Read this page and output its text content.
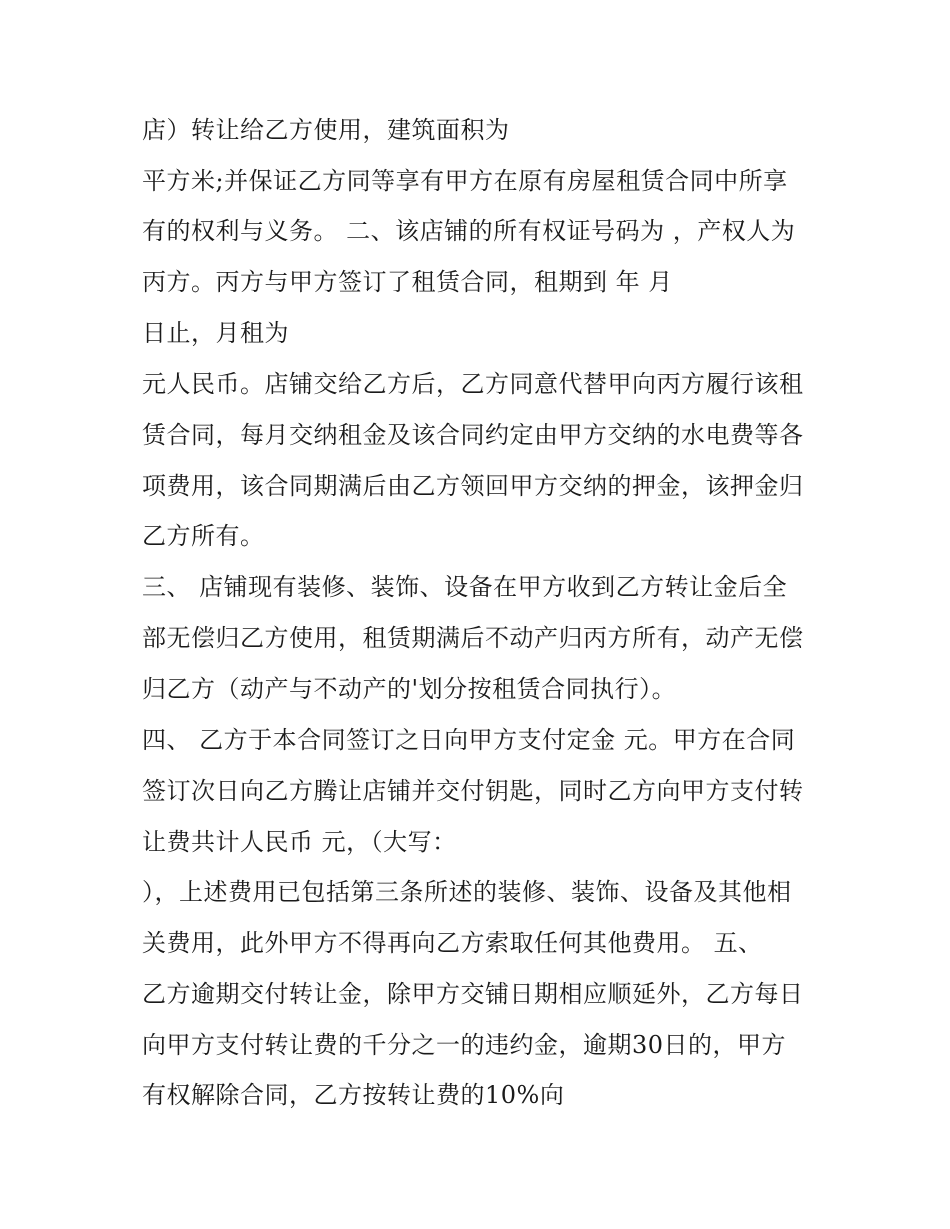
店）转让给乙方使用，建筑面积为
平方米;并保证乙方同等享有甲方在原有房屋租赁合同中所享
有的权利与义务。 二、该店铺的所有权证号码为 ，产权人为
丙方。丙方与甲方签订了租赁合同，租期到 年 月
日止，月租为
元人民币。店铺交给乙方后，乙方同意代替甲向丙方履行该租
赁合同，每月交纳租金及该合同约定由甲方交纳的水电费等各
项费用，该合同期满后由乙方领回甲方交纳的押金，该押金归
乙方所有。
三、 店铺现有装修、装饰、设备在甲方收到乙方转让金后全
部无偿归乙方使用，租赁期满后不动产归丙方所有，动产无偿
归乙方（动产与不动产的'划分按租赁合同执行）。
四、 乙方于本合同签订之日向甲方支付定金 元。甲方在合同
签订次日向乙方腾让店铺并交付钥匙，同时乙方向甲方支付转
让费共计人民币 元，（大写：
），上述费用已包括第三条所述的装修、装饰、设备及其他相
关费用，此外甲方不得再向乙方索取任何其他费用。 五、
乙方逾期交付转让金，除甲方交铺日期相应顺延外，乙方每日
向甲方支付转让费的千分之一的违约金，逾期30日的，甲方
有权解除合同，乙方按转让费的10%向
